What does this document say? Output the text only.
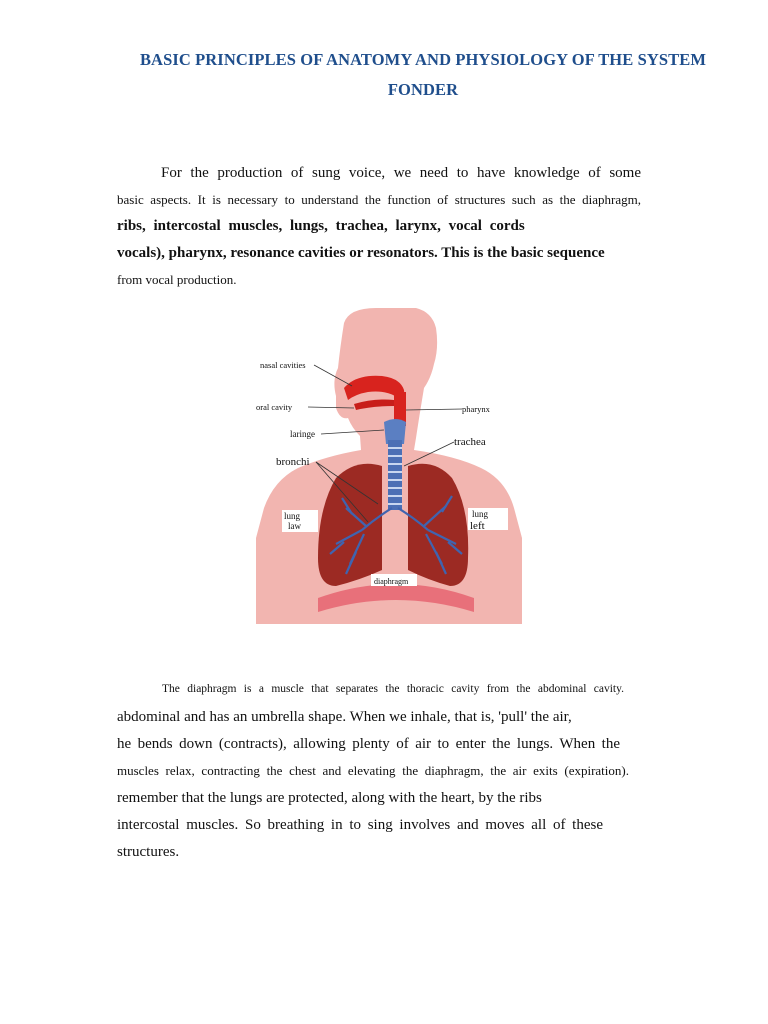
BASIC PRINCIPLES OF ANATOMY AND PHYSIOLOGY OF THE SYSTEM
FONDER
For the production of sung voice, we need to have knowledge of some
basic aspects. It is necessary to understand the function of structures such as the diaphragm,
ribs, intercostal muscles, lungs, trachea, larynx, vocal cords
vocals), pharynx, resonance cavities or resonators. This is the basic sequence
from vocal production.
nasal cavities
oral cavity
laringe
bronchi
pharynx
trachea
lung
law
lung
left
diaphragm
The diaphragm is a muscle that separates the thoracic cavity from the abdominal cavity.
abdominal and has an umbrella shape. When we inhale, that is, 'pull' the air,
he bends down (contracts), allowing plenty of air to enter the lungs. When the
muscles relax, contracting the chest and elevating the diaphragm, the air exits (expiration).
remember that the lungs are protected, along with the heart, by the ribs
intercostal muscles. So breathing in to sing involves and moves all of these
structures.
